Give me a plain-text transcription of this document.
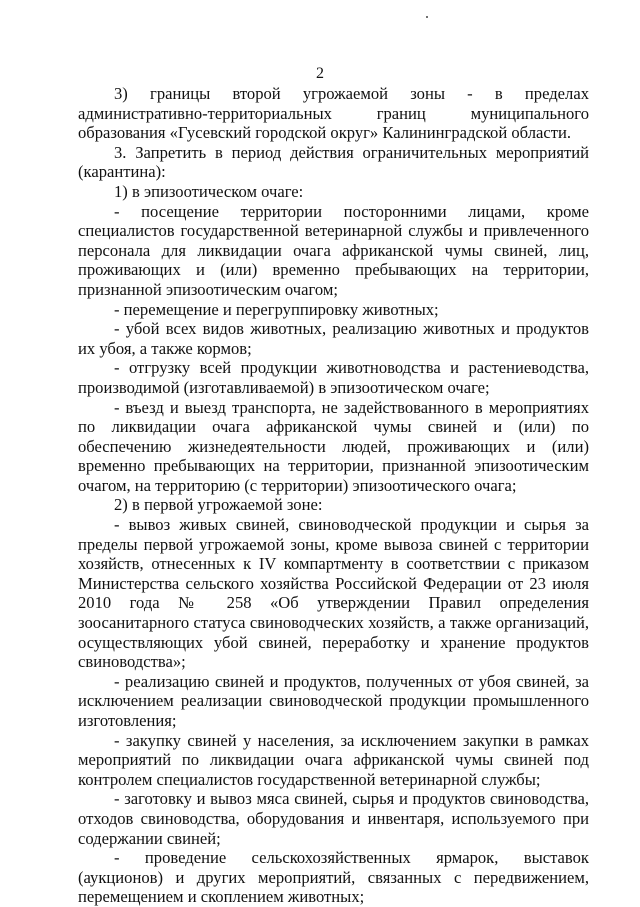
2

3) границы второй угрожаемой зоны - в пределах административно-территориальных границ муниципального образования «Гусевский городской округ» Калининградской области.

3. Запретить в период действия ограничительных мероприятий (карантина):

1) в эпизоотическом очаге:

- посещение территории посторонними лицами, кроме специалистов государственной ветеринарной службы и привлеченного персонала для ликвидации очага африканской чумы свиней, лиц, проживающих и (или) временно пребывающих на территории, признанной эпизоотическим очагом;

- перемещение и перегруппировку животных;

- убой всех видов животных, реализацию животных и продуктов их убоя, а также кормов;

- отгрузку всей продукции животноводства и растениеводства, производимой (изготавливаемой) в эпизоотическом очаге;

- въезд и выезд транспорта, не задействованного в мероприятиях по ликвидации очага африканской чумы свиней и (или) по обеспечению жизнедеятельности людей, проживающих и (или) временно пребывающих на территории, признанной эпизоотическим очагом, на территорию (с территории) эпизоотического очага;

2) в первой угрожаемой зоне:

- вывоз живых свиней, свиноводческой продукции и сырья за пределы первой угрожаемой зоны, кроме вывоза свиней с территории хозяйств, отнесенных к IV компартменту в соответствии с приказом Министерства сельского хозяйства Российской Федерации от 23 июля 2010 года № 258 «Об утверждении Правил определения зоосанитарного статуса свиноводческих хозяйств, а также организаций, осуществляющих убой свиней, переработку и хранение продуктов свиноводства»;

- реализацию свиней и продуктов, полученных от убоя свиней, за исключением реализации свиноводческой продукции промышленного изготовления;

- закупку свиней у населения, за исключением закупки в рамках мероприятий по ликвидации очага африканской чумы свиней под контролем специалистов государственной ветеринарной службы;

- заготовку и вывоз мяса свиней, сырья и продуктов свиноводства, отходов свиноводства, оборудования и инвентаря, используемого при содержании свиней;

- проведение сельскохозяйственных ярмарок, выставок (аукционов) и других мероприятий, связанных с передвижением, перемещением и скоплением животных;
